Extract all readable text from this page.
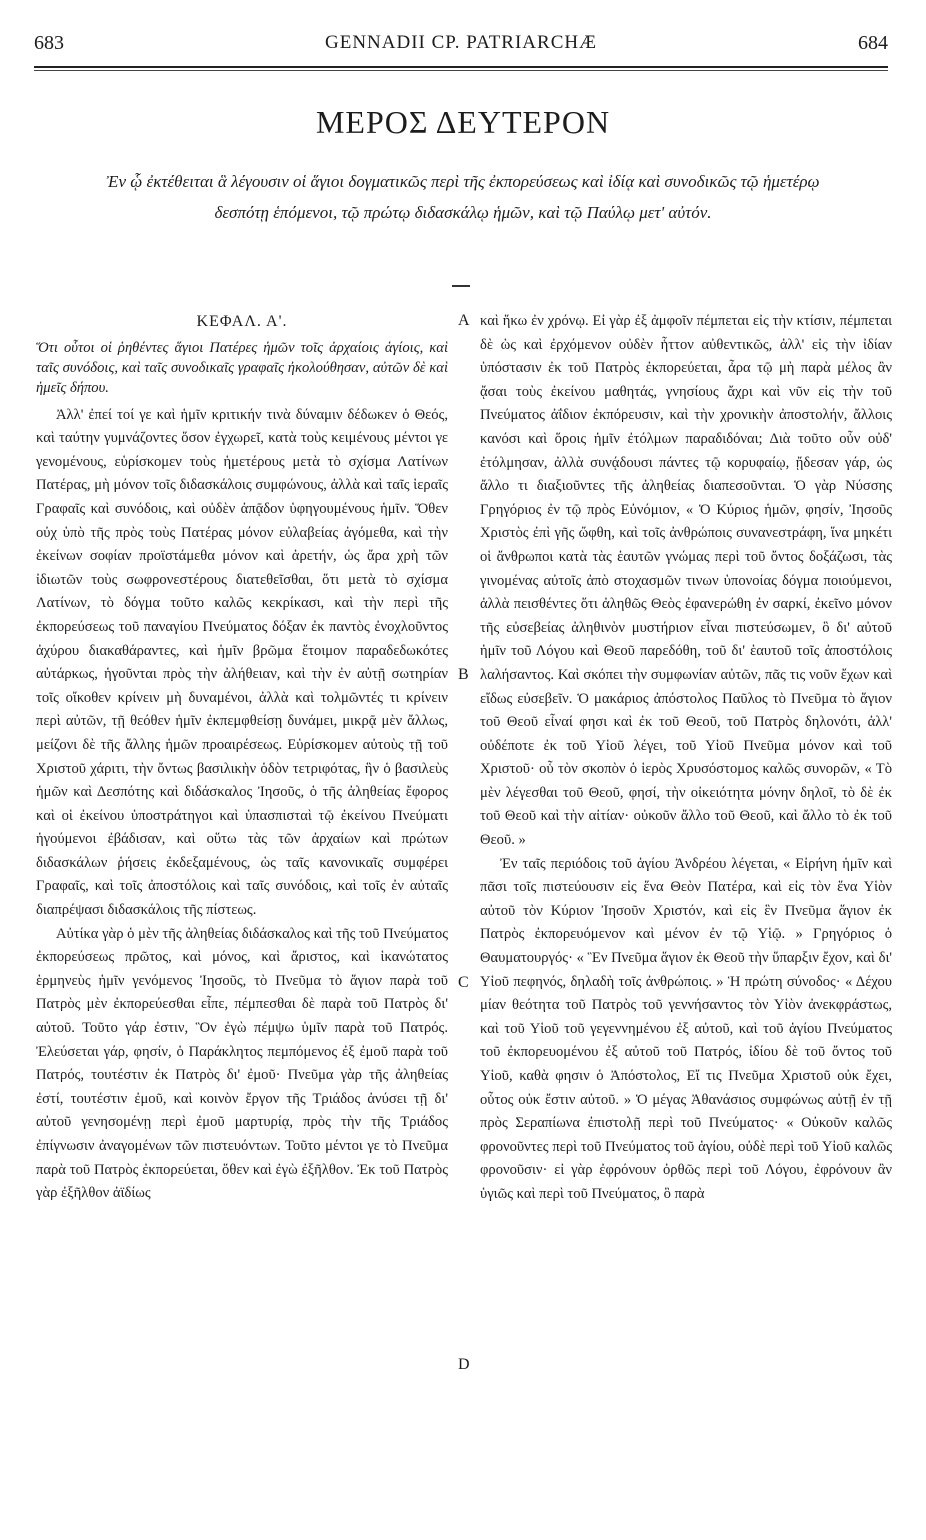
683	GENNADII CP. PATRIARCHÆ	684
ΜΕΡΟΣ ΔΕΥΤΕΡΟΝ
Ἐν ᾧ ἐκτέθειται ἃ λέγουσιν οἱ ἅγιοι δογματικῶς περὶ τῆς ἐκπορεύσεως καὶ ἰδίᾳ καὶ συνοδικῶς τῷ ἡμετέρῳ δεσπότῃ ἑπόμενοι, τῷ πρώτῳ διδασκάλῳ ἡμῶν, καὶ τῷ Παύλῳ μετ' αὐτόν.
ΚΕΦΑΛ. Α'.

Ὅτι οὗτοι οἱ ῥηθέντες ἅγιοι Πατέρες ἡμῶν τοῖς ἀρχαίοις ἁγίοις, καὶ ταῖς συνόδοις, καὶ ταῖς συνοδικαῖς γραφαῖς ἠκολούθησαν, αὐτῶν δὲ καὶ ἡμεῖς δήπου.

Ἀλλ' ἐπεί τοί γε καὶ ἡμῖν κριτικήν τινὰ δύναμιν δέδωκεν ὁ Θεός, καὶ ταύτην γυμνάζοντες ὅσον ἐγχωρεῖ, κατὰ τοὺς κειμένους μέντοι γε γενομένους, εὑρίσκομεν τοὺς ἡμετέρους μετὰ τὸ σχίσμα Λατίνων Πατέρας, μὴ μόνον τοῖς διδασκάλοις συμφώνους, ἀλλὰ καὶ ταῖς ἱεραῖς Γραφαῖς καὶ συνόδοις, καὶ οὐδὲν ἀπᾷδον ὑφηγουμένους ἡμῖν. Ὅθεν οὐχ ὑπὸ τῆς πρὸς τοὺς Πατέρας μόνον εὐλαβείας ἀγόμεθα, καὶ τὴν ἐκείνων σοφίαν προϊστάμεθα μόνον καὶ ἀρετήν, ὡς ἄρα χρὴ τῶν ἰδιωτῶν τοὺς σωφρονεστέρους διατεθεῖσθαι, ὅτι μετὰ τὸ σχίσμα Λατίνων, τὸ δόγμα τοῦτο καλῶς κεκρίκασι, καὶ τὴν περὶ τῆς ἐκπορεύσεως τοῦ παναγίου Πνεύματος δόξαν ἐκ παντὸς ἐνοχλοῦντος ἀχύρου διακαθάραντες, καὶ ἡμῖν βρῶμα ἕτοιμον παραδεδωκότες αὐτάρκως, ἡγοῦνται πρὸς τὴν ἀλήθειαν, καὶ τὴν ἐν αὐτῇ σωτηρίαν τοῖς οἴκοθεν κρίνειν μὴ δυναμένοι, ἀλλὰ καὶ τολμῶντές τι κρίνειν περὶ αὐτῶν, τῇ θεόθεν ἡμῖν ἐκπεμφθείσῃ δυνάμει, μικρᾷ μὲν ἄλλως, μείζονι δὲ τῆς ἄλλης ἡμῶν προαιρέσεως. Εὑρίσκομεν αὐτοὺς τῇ τοῦ Χριστοῦ χάριτι, τὴν ὄντως βασιλικὴν ὁδὸν τετριφότας, ἣν ὁ βασιλεὺς ἡμῶν καὶ Δεσπότης καὶ διδάσκαλος Ἰησοῦς, ὁ τῆς ἀληθείας ἔφορος καὶ οἱ ἐκείνου ὑποστράτηγοι καὶ ὑπασπισταὶ τῷ ἐκείνου Πνεύματι ἡγούμενοι ἐβάδισαν, καὶ οὕτω τὰς τῶν ἀρχαίων καὶ πρώτων διδασκάλων ῥήσεις ἐκδεξαμένους, ὡς ταῖς κανονικαῖς συμφέρει Γραφαῖς, καὶ τοῖς ἀποστόλοις καὶ ταῖς συνόδοις, καὶ τοῖς ἐν αὐταῖς διαπρέψασι διδασκάλοις τῆς πίστεως.

Αὐτίκα γὰρ ὁ μὲν τῆς ἀληθείας διδάσκαλος καὶ τῆς τοῦ Πνεύματος ἐκπορεύσεως πρῶτος, καὶ μόνος, καὶ ἄριστος, καὶ ἱκανώτατος ἑρμηνεὺς ἡμῖν γενόμενος Ἰησοῦς, τὸ Πνεῦμα τὸ ἅγιον παρὰ τοῦ Πατρὸς μὲν ἐκπορεύεσθαι εἶπε, πέμπεσθαι δὲ παρὰ τοῦ Πατρὸς δι' αὐτοῦ. Τοῦτο γάρ ἐστιν, Ὃν ἐγὼ πέμψω ὑμῖν παρὰ τοῦ Πατρός. Ἐλεύσεται γάρ, φησίν, ὁ Παράκλητος πεμπόμενος ἐξ ἐμοῦ παρὰ τοῦ Πατρός, τουτέστιν ἐκ Πατρὸς δι' ἐμοῦ· Πνεῦμα γὰρ τῆς ἀληθείας ἐστί, τουτέστιν ἐμοῦ, καὶ κοινὸν ἔργον τῆς Τριάδος ἀνύσει τῇ δι' αὐτοῦ γενησομένῃ περὶ ἐμοῦ μαρτυρίᾳ, πρὸς τὴν τῆς Τριάδος ἐπίγνωσιν ἀναγομένων τῶν πιστευόντων. Τοῦτο μέντοι γε τὸ Πνεῦμα παρὰ τοῦ Πατρὸς ἐκπορεύεται, ὅθεν καὶ ἐγὼ ἐξῆλθον. Ἐκ τοῦ Πατρὸς γὰρ ἐξῆλθον ἀϊδίως

καὶ ἥκω ἐν χρόνῳ. Εἰ γὰρ ἐξ ἀμφοῖν πέμπεται εἰς τὴν κτίσιν, πέμπεται δὲ ὡς καὶ ἐρχόμενον οὐδὲν ἧττον αὐθεντικῶς, ἀλλ' εἰς τὴν ἰδίαν ὑπόστασιν ἐκ τοῦ Πατρὸς ἐκπορεύεται, ἆρα τῷ μὴ παρὰ μέλος ἂν ᾄσαι τοὺς ἐκείνου μαθητάς, γνησίους ἄχρι καὶ νῦν εἰς τὴν τοῦ Πνεύματος ἀΐδιον ἐκπόρευσιν, καὶ τὴν χρονικὴν ἀποστολήν, ἄλλοις κανόσι καὶ ὅροις ἡμῖν ἐτόλμων παραδιδόναι; Διὰ τοῦτο οὖν οὐδ' ἐτόλμησαν, ἀλλὰ συνᾴδουσι πάντες τῷ κορυφαίῳ, ᾔδεσαν γάρ, ὡς ἄλλο τι διαξιοῦντες τῆς ἀληθείας διαπεσοῦνται. Ὁ γὰρ Νύσσης Γρηγόριος ἐν τῷ πρὸς Εὐνόμιον, « Ὁ Κύριος ἡμῶν, φησίν, Ἰησοῦς Χριστὸς ἐπὶ γῆς ὤφθη, καὶ τοῖς ἀνθρώποις συνανεστράφη, ἵνα μηκέτι οἱ ἄνθρωποι κατὰ τὰς ἑαυτῶν γνώμας περὶ τοῦ ὄντος δοξάζωσι, τὰς γινομένας αὐτοῖς ἀπὸ στοχασμῶν τινων ὑπονοίας δόγμα ποιούμενοι, ἀλλὰ πεισθέντες ὅτι ἀληθῶς Θεὸς ἐφανερώθη ἐν σαρκί, ἐκεῖνο μόνον τῆς εὐσεβείας ἀληθινὸν μυστήριον εἶναι πιστεύσωμεν, ὃ δι' αὐτοῦ ἡμῖν τοῦ Λόγου καὶ Θεοῦ παρεδόθη, τοῦ δι' ἑαυτοῦ τοῖς ἀποστόλοις λαλήσαντος. Καὶ σκόπει τὴν συμφωνίαν αὐτῶν, πᾶς τις νοῦν ἔχων καὶ εἴδως εὐσεβεῖν. Ὁ μακάριος ἀπόστολος Παῦλος τὸ Πνεῦμα τὸ ἅγιον τοῦ Θεοῦ εἶναί φησι καὶ ἐκ τοῦ Θεοῦ, τοῦ Πατρὸς δηλονότι, ἀλλ' οὐδέποτε ἐκ τοῦ Υἱοῦ λέγει, τοῦ Υἱοῦ Πνεῦμα μόνον καὶ τοῦ Χριστοῦ· οὗ τὸν σκοπὸν ὁ ἱερὸς Χρυσόστομος καλῶς συνορῶν, « Τὸ μὲν λέγεσθαι τοῦ Θεοῦ, φησί, τὴν οἰκειότητα μόνην δηλοῖ, τὸ δὲ ἐκ τοῦ Θεοῦ καὶ τὴν αἰτίαν· οὐκοῦν ἄλλο τοῦ Θεοῦ, καὶ ἄλλο τὸ ἐκ τοῦ Θεοῦ. »

Ἐν ταῖς περιόδοις τοῦ ἁγίου Ἀνδρέου λέγεται, « Εἰρήνη ἡμῖν καὶ πᾶσι τοῖς πιστεύουσιν εἰς ἕνα Θεὸν Πατέρα, καὶ εἰς τὸν ἕνα Υἱὸν αὐτοῦ τὸν Κύριον Ἰησοῦν Χριστόν, καὶ εἰς ἓν Πνεῦμα ἅγιον ἐκ Πατρὸς ἐκπορευόμενον καὶ μένον ἐν τῷ Υἱῷ. » Γρηγόριος ὁ Θαυματουργός· « Ἓν Πνεῦμα ἅγιον ἐκ Θεοῦ τὴν ὕπαρξιν ἔχον, καὶ δι' Υἱοῦ πεφηνός, δηλαδὴ τοῖς ἀνθρώποις. » Ἡ πρώτη σύνοδος· « Δέχου μίαν θεότητα τοῦ Πατρὸς τοῦ γεννήσαντος τὸν Υἱὸν ἀνεκφράστως, καὶ τοῦ Υἱοῦ τοῦ γεγεννημένου ἐξ αὐτοῦ, καὶ τοῦ ἁγίου Πνεύματος τοῦ ἐκπορευομένου ἐξ αὐτοῦ τοῦ Πατρός, ἰδίου δὲ τοῦ ὄντος τοῦ Υἱοῦ, καθὰ φησιν ὁ Ἀπόστολος, Εἴ τις Πνεῦμα Χριστοῦ οὐκ ἔχει, οὗτος οὐκ ἔστιν αὐτοῦ. » Ὁ μέγας Ἀθανάσιος συμφώνως αὐτῇ ἐν τῇ πρὸς Σεραπίωνα ἐπιστολῇ περὶ τοῦ Πνεύματος· « Οὐκοῦν καλῶς φρονοῦντες περὶ τοῦ Πνεύματος τοῦ ἁγίου, οὐδὲ περὶ τοῦ Υἱοῦ καλῶς φρονοῦσιν· εἰ γὰρ ἐφρόνουν ὀρθῶς περὶ τοῦ Λόγου, ἐφρόνουν ἂν ὑγιῶς καὶ περὶ τοῦ Πνεύματος, ὃ παρὰ

A
B
C
D
